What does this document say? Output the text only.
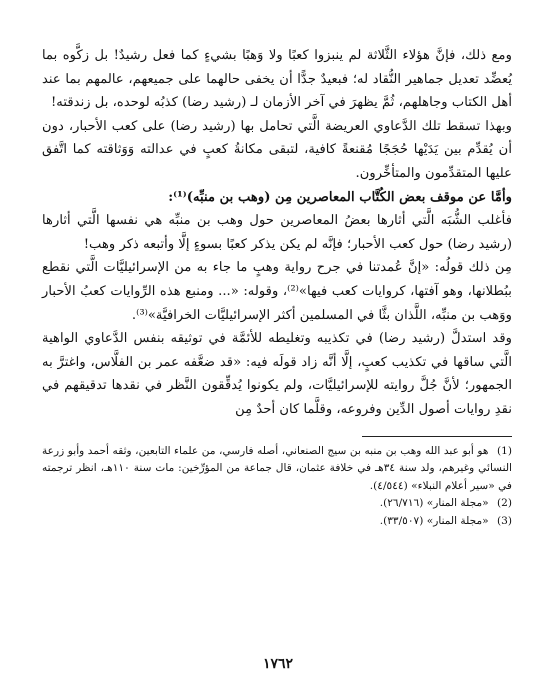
ومع ذلك، فإنَّ هؤلاء الثَّلاثة لم ينبزوا كعبًا ولا وَهبًا بشيءٍ كما فعل رشيدٌ! بل زكَّوه بما يُعضِّد تعديل جماهير النُّقاد له؛ فبعيدٌ جدًّا أن يخفى حالهما على جميعهم، عالمهم بما عند أهل الكتاب وجاهلهم، ثُمَّ يظهرَ في آخر الأزمان لـ (رشيد رضا) كذبُه لوحده، بل زندقته!

وبهذا تسقط تلك الدَّعاوي العريضة الَّتي تحامل بها (رشيد رضا) على كعب الأحبار، دون أن يُقدِّم بين يَدَيْها حُجَجًا مُقنعةً كافية، لتبقى مكانةُ كعبٍ في عدالته وَوَثاقته كما اتَّفق عليها المتقدِّمون والمتأخِّرون.

وأمَّا عن موقف بعض الكُتَّاب المعاصرين مِن (وهب بن منبِّه)⁽¹⁾:

فأغلب الشُّبَه الَّتي أثارها بعضُ المعاصرين حول وهب بن منبِّه هي نفسها الَّتي أثارها (رشيد رضا) حول كعب الأحبار؛ فإنَّه لم يكن يذكر كعبًا بسوءٍ إلَّا وأتبعه ذكر وهب!

مِن ذلك قولُه: «إنَّ عُمدتنا في جرح رواية وهبٍ ما جاء به من الإسرائيليَّات الَّتي نقطع ببُطلانها، وهو آفتها، كروايات كعب فيها»⁽²⁾، وقوله: «... ومنبع هذه الرِّوايات كعبُ الأحبار ووَهب بن منبِّه، اللَّذان بثَّا في المسلمين أكثر الإسرائيليَّات الخرافيَّة»⁽³⁾.

وقد استدلَّ (رشيد رضا) في تكذيبه وتغليطه للأئمَّة في توثيقه بنفس الدَّعاوي الواهية الَّتي ساقها في تكذيب كعبٍ، إلَّا أنَّه زاد قولَه فيه: «قد ضعَّفه عمر بن الفلَّاس، واغترَّ به الجمهور؛ لأنَّ جُلَّ روايته للإسرائيليَّات، ولم يكونوا يُدقِّقون النَّظر في نقدها تدقيقهم في نقدِ روايات أصول الدِّين وفروعه، وقلَّما كان أحدٌ مِن

(1) هو أبو عبد الله وهب بن منبه بن سيج الصنعاني، أصله فارسي، من علماء التابعين، وثقه أحمد وأبو زرعة النسائي وغيرهم، ولد سنة ٣٤هـ في خلافة عثمان، قال جماعة من المؤرِّخين: مات سنة ١١٠هـ، انظر ترجمته في «سير أعلام النبلاء» (٤/٥٤٤).

(2) «مجلة المنار» (٢٦/٧١٦).

(3) «مجلة المنار» (٣٣/٥٠٧).

١٧٦٢
